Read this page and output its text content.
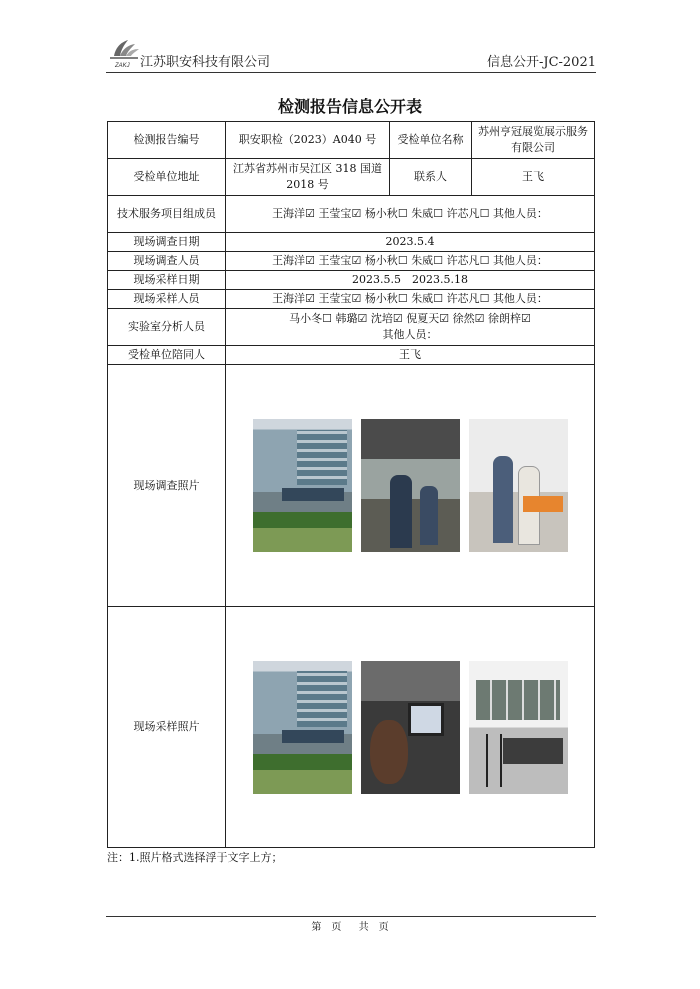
ZAKJ 江苏职安科技有限公司	信息公开-JC-2021
检测报告信息公开表
检测报告编号	职安职检（2023）A040 号	受检单位名称	苏州亨冠展览展示服务有限公司
受检单位地址	江苏省苏州市吴江区 318 国道 2018 号	联系人	王飞
技术服务项目组成员	王海洋☑ 王莹宝☑ 杨小秋☐ 朱威☐ 许芯凡☐ 其他人员：		
现场调查日期	2023.5.4		
现场调查人员	王海洋☑ 王莹宝☑ 杨小秋☐ 朱威☐ 许芯凡☐ 其他人员：		
现场采样日期	2023.5.5　2023.5.18		
现场采样人员	王海洋☑ 王莹宝☑ 杨小秋☐ 朱威☐ 许芯凡☐ 其他人员：		
实验室分析人员	马小冬☐ 韩璐☑ 沈培☑ 倪夏天☑ 徐然☑ 徐朗梓☑
其他人员：		

受检单位陪同人	王飞		
现场调查照片			

现场采样照片			
注：1.照片格式选择浮于文字上方；
第　页 共　页
